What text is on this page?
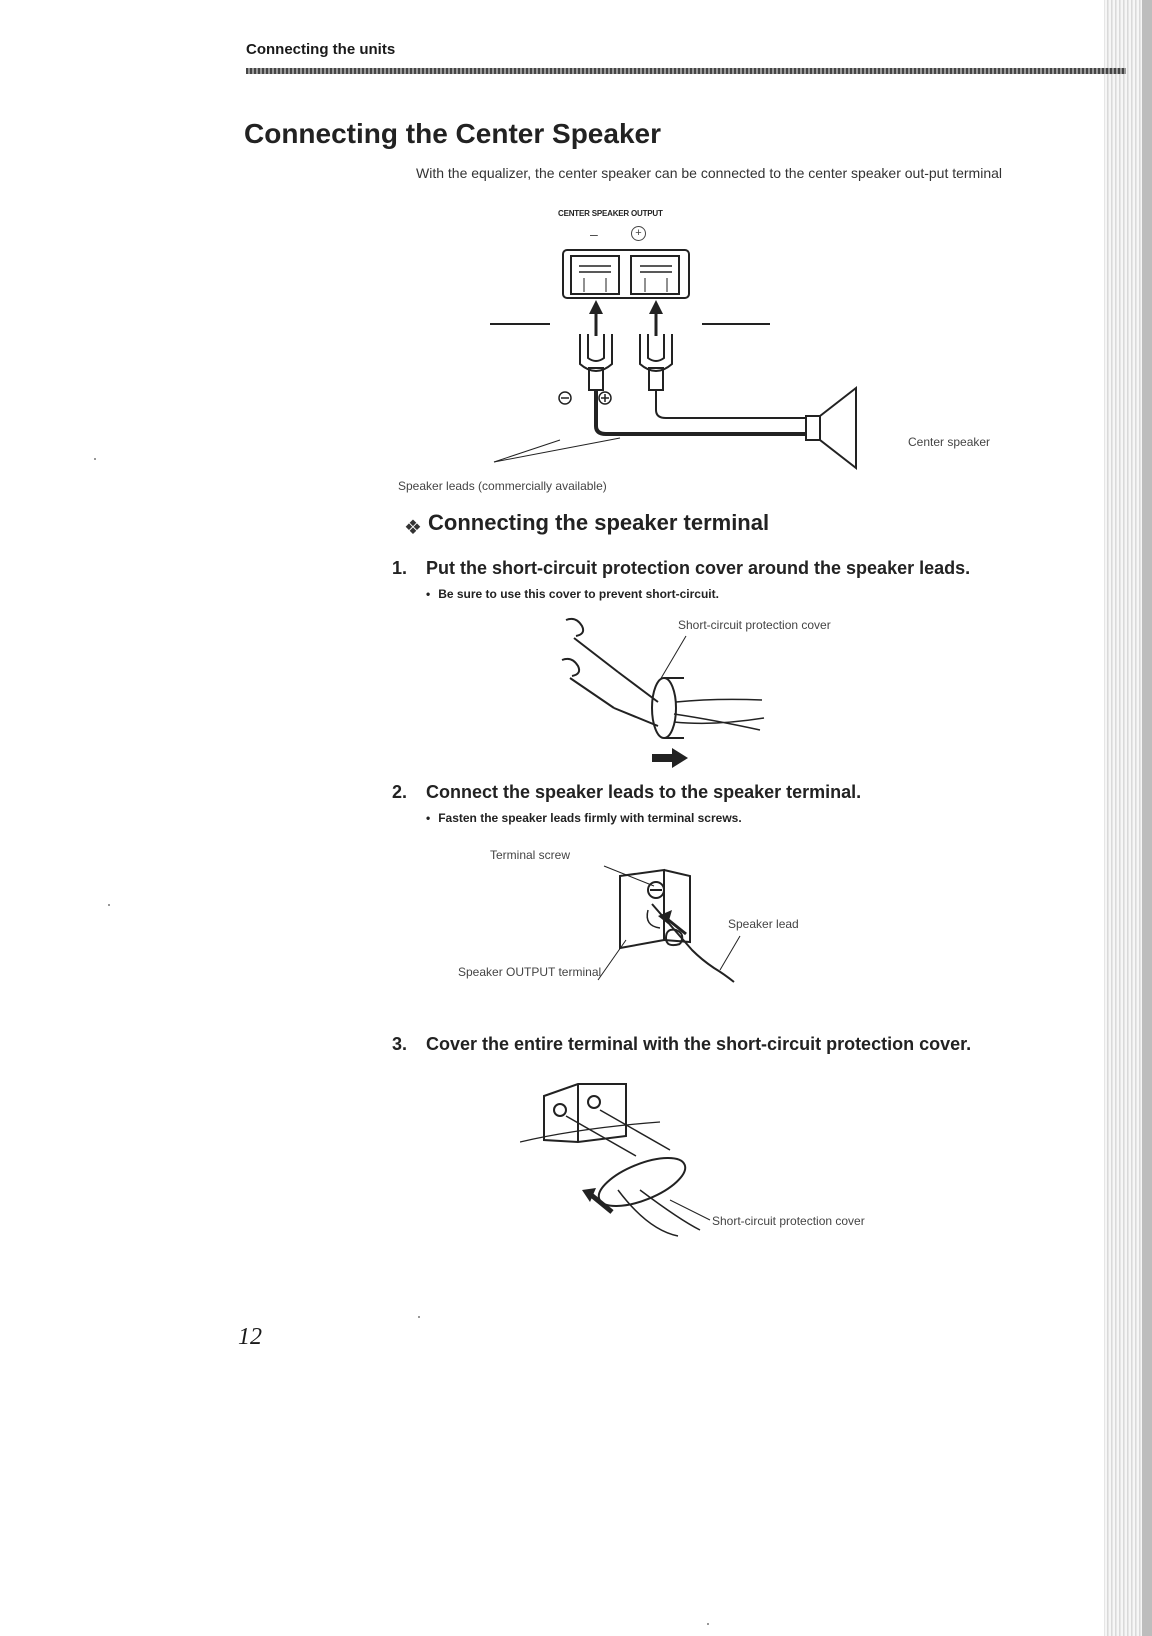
Connecting the units
Connecting the Center Speaker

With the equalizer, the center speaker can be connected to the center speaker out-put terminal

CENTER SPEAKER OUTPUT
–	+
Center speaker
Speaker leads (commercially available)
❖ Connecting the speaker terminal
1. Put the short-circuit protection cover around the speaker leads.
• Be sure to use this cover to prevent short-circuit.
Short-circuit protection cover
2. Connect the speaker leads to the speaker terminal.
• Fasten the speaker leads firmly with terminal screws.
Terminal screw
Speaker lead
Speaker OUTPUT terminal
3. Cover the entire terminal with the short-circuit protection cover.
Short-circuit protection cover
12
